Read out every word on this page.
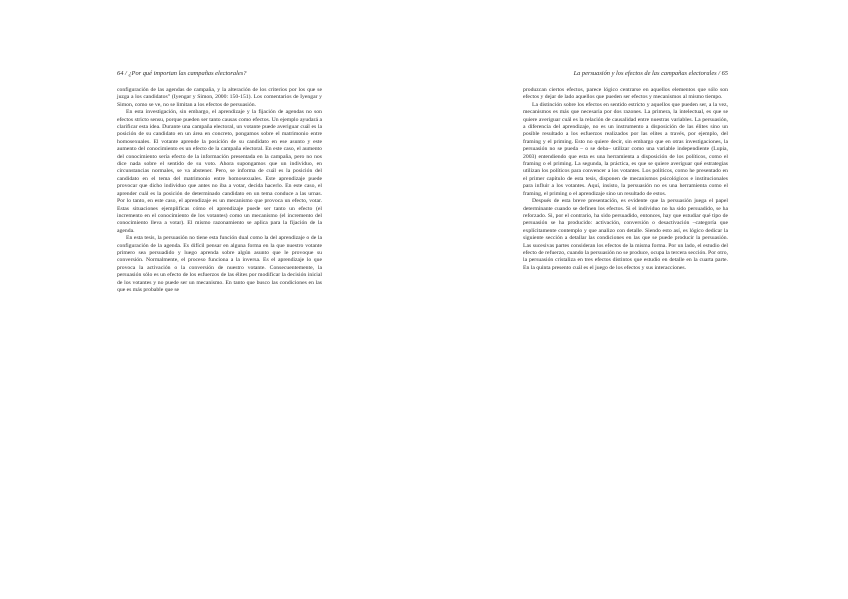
64 / ¿Por qué importan las campañas electorales?

configuración de las agendas de campaña, y la alteración de los criterios por los que se juzga a los candidatos” (Iyengar y Simon, 2000: 150-151). Los comentarios de Iyengar y Simon, como se ve, no se limitan a los efectos de persuasión.

En esta investigación, sin embargo, el aprendizaje y la fijación de agendas no son efectos stricto sensu, porque pueden ser tanto causas como efectos. Un ejemplo ayudará a clarificar esta idea. Durante una campaña electoral, un votante puede averiguar cuál es la posición de su candidato en un área en concreto, pongamos sobre el matrimonio entre homosexuales. El votante aprende la posición de su candidato en ese asunto y este aumento del conocimiento es un efecto de la campaña electoral. En este caso, el aumento del conocimiento sería efecto de la información presentada en la campaña, pero no nos dice nada sobre el sentido de su voto. Ahora supongamos que un individuo, en circunstancias normales, se va abstener. Pero, se informa de cuál es la posición del candidato en el tema del matrimonio entre homosexuales. Este aprendizaje puede provocar que dicho individuo que antes no iba a votar, decida hacerlo. En este caso, el aprender cuál es la posición de determinado candidato en un tema conduce a las urnas. Por lo tanto, en este caso, el aprendizaje es un mecanismo que provoca un efecto, votar. Estas situaciones ejemplificas cómo el aprendizaje puede ser tanto un efecto (el incremento en el conocimiento de los votantes) como un mecanismo (el incremento del conocimiento lleva a votar). El mismo razonamiento se aplica para la fijación de la agenda.

En esta tesis, la persuasión no tiene esta función dual como la del aprendizaje o de la configuración de la agenda. Es difícil pensar en alguna forma en la que nuestro votante primero sea persuadido y luego aprenda sobre algún asunto que le provoque su conversión. Normalmente, el proceso funciona a la inversa. Es el aprendizaje lo que provoca la activación o la conversión de nuestro votante. Consecuentemente, la persuasión sólo es un efecto de los esfuerzos de las élites por modificar la decisión inicial de los votantes y no puede ser un mecanismo. En tanto que busco las condiciones en las que es más probable que se

La persuasión y los efectos de las campañas electorales / 65

produzcan ciertos efectos, parece lógico centrarse en aquellos elementos que sólo son efectos y dejar de lado aquellos que pueden ser efectos y mecanismos al mismo tiempo.

La distinción sobre los efectos en sentido estricto y aquellos que pueden ser, a la vez, mecanismos es más que necesaria por dos razones. La primera, la intelectual, es que se quiere averiguar cuál es la relación de causalidad entre nuestras variables. La persuasión, a diferencia del aprendizaje, no es un instrumento a disposición de las élites sino un posible resultado a los esfuerzos realizados por las elites a través, por ejemplo, del framing y el priming. Esto no quiere decir, sin embargo que en otras investigaciones, la persuasión no se pueda – o se deba– utilizar como una variable independiente (Lupia, 2003) entendiendo que esta es una herramienta a disposición de los políticos, como el framing o el priming. La segunda, la práctica, es que se quiere averiguar qué estrategias utilizan los políticos para convencer a los votantes. Los políticos, como he presentado en el primer capítulo de esta tesis, disponen de mecanismos psicológicos e institucionales para influir a los votantes. Aquí, insisto, la persuasión no es una herramienta como el framing, el priming o el aprendizaje sino un resultado de estos.

Después de esta breve presentación, es evidente que la persuasión juega el papel determinante cuando se definen los efectos. Si el individuo no ha sido persuadido, se ha reforzado. Si, por el contrario, ha sido persuadido, entonces, hay que estudiar qué tipo de persuasión se ha producido: activación, conversión o desactivación –categoría que explícitamente contemplo y que analizo con detalle. Siendo esto así, es lógico dedicar la siguiente sección a detallar las condiciones en las que se puede producir la persuasión. Las sucesivas partes consideran los efectos de la misma forma. Por un lado, el estudio del efecto de refuerzo, cuando la persuasión no se produce, ocupa la tercera sección. Por otro, la persuasión cristaliza en tres efectos distintos que estudio en detalle en la cuarta parte. En la quinta presento cuál es el juego de los efectos y sus interacciones.
